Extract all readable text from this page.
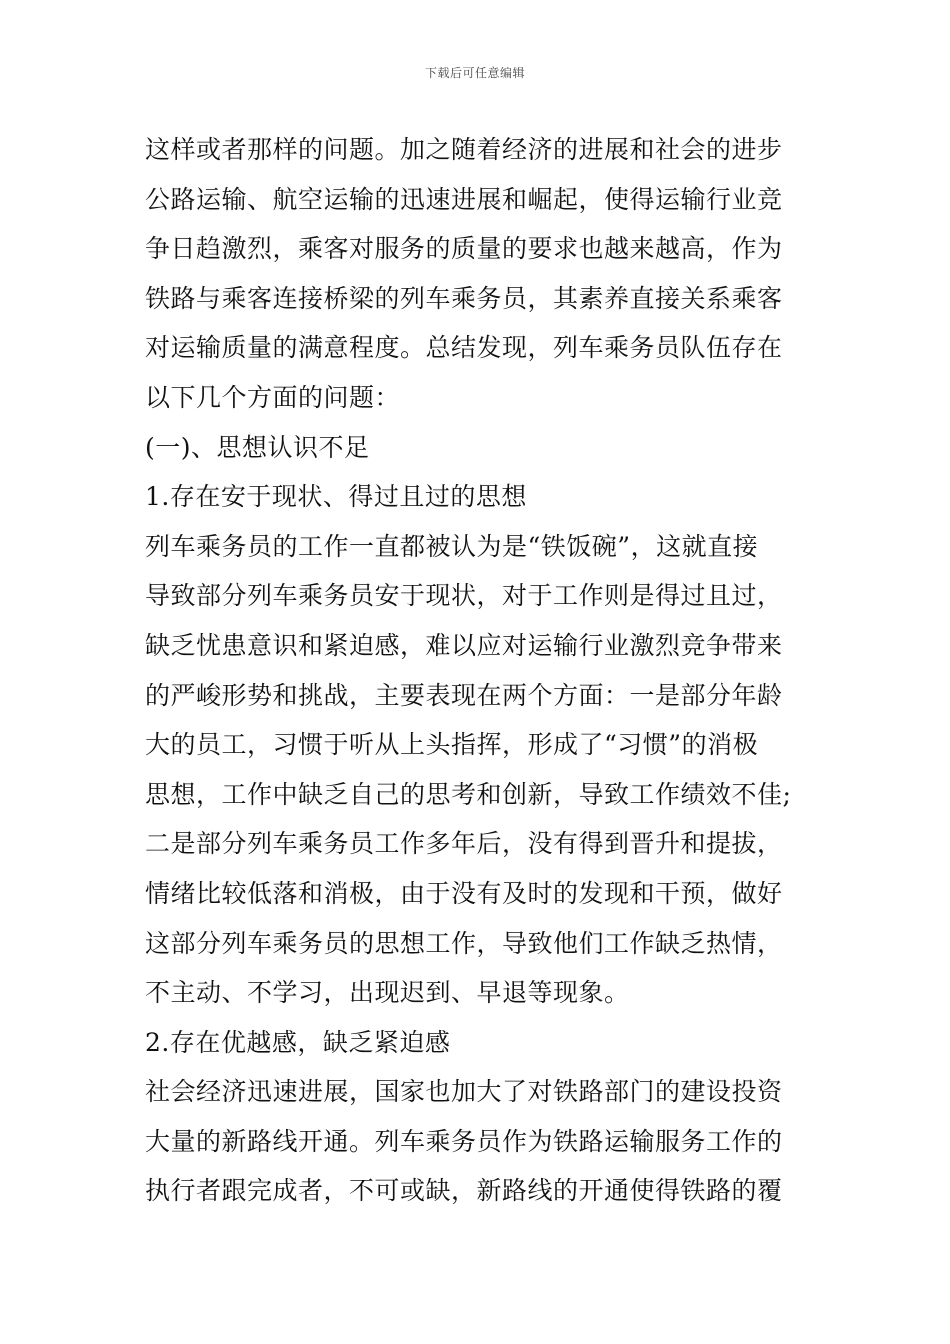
下载后可任意编辑
这样或者那样的问题。加之随着经济的进展和社会的进步
公路运输、航空运输的迅速进展和崛起，使得运输行业竞
争日趋激烈，乘客对服务的质量的要求也越来越高，作为
铁路与乘客连接桥梁的列车乘务员，其素养直接关系乘客
对运输质量的满意程度。总结发现，列车乘务员队伍存在
以下几个方面的问题：
(一)、思想认识不足
1.存在安于现状、得过且过的思想
列车乘务员的工作一直都被认为是“铁饭碗”，这就直接
导致部分列车乘务员安于现状，对于工作则是得过且过，
缺乏忧患意识和紧迫感，难以应对运输行业激烈竞争带来
的严峻形势和挑战，主要表现在两个方面：一是部分年龄
大的员工，习惯于听从上头指挥，形成了“习惯”的消极
思想，工作中缺乏自己的思考和创新，导致工作绩效不佳;
二是部分列车乘务员工作多年后，没有得到晋升和提拔，
情绪比较低落和消极，由于没有及时的发现和干预，做好
这部分列车乘务员的思想工作，导致他们工作缺乏热情，
不主动、不学习，出现迟到、早退等现象。
2.存在优越感，缺乏紧迫感
社会经济迅速进展，国家也加大了对铁路部门的建设投资
大量的新路线开通。列车乘务员作为铁路运输服务工作的
执行者跟完成者，不可或缺，新路线的开通使得铁路的覆
